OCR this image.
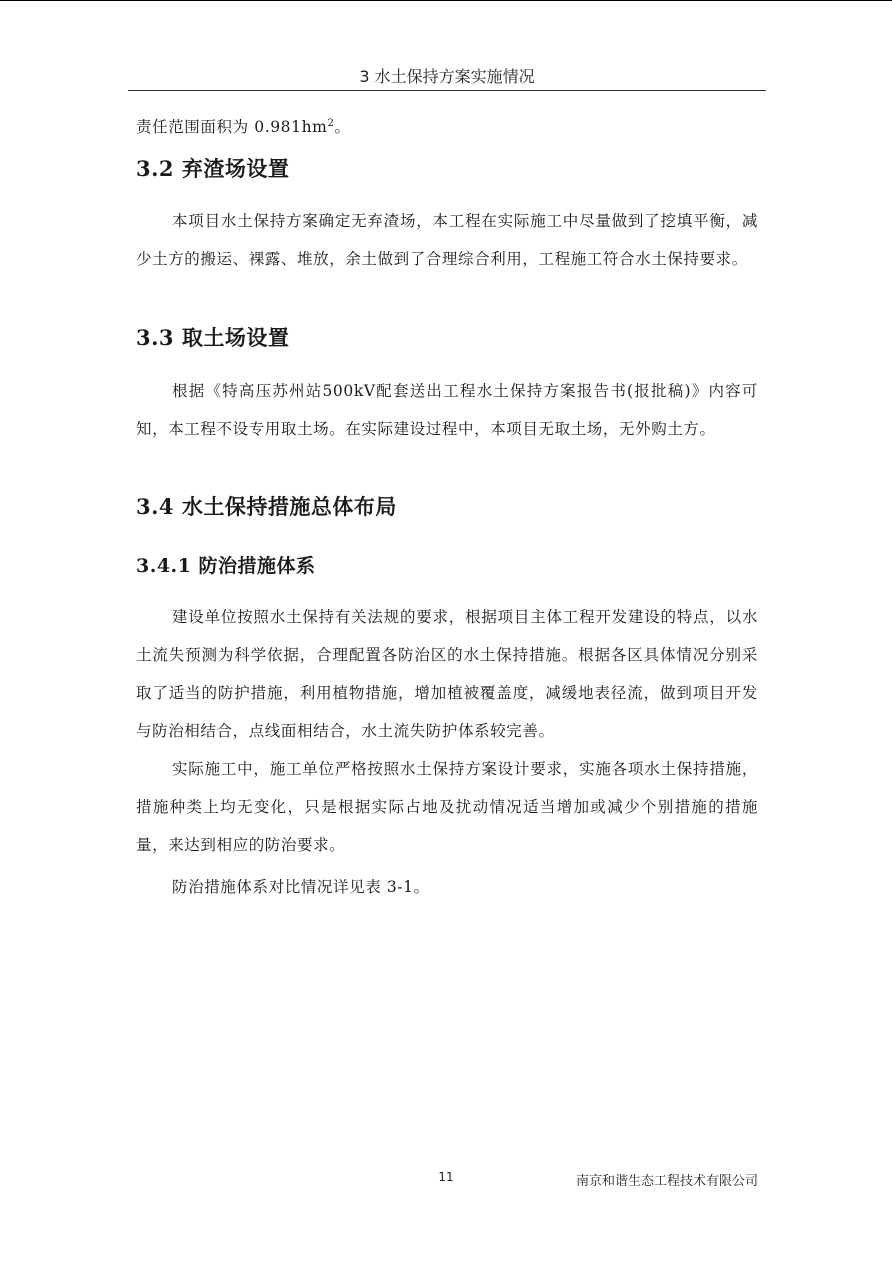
3 水土保持方案实施情况

责任范围面积为 $0.981hm^2$。

3.2 弃渣场设置

本项目水土保持方案确定无弃渣场，本工程在实际施工中尽量做到了挖填平衡，减少土方的搬运、裸露、堆放，余土做到了合理综合利用，工程施工符合水土保持要求。

3.3 取土场设置

根据《特高压苏州站500kV配套送出工程水土保持方案报告书(报批稿)》内容可知，本工程不设专用取土场。在实际建设过程中，本项目无取土场，无外购土方。

3.4 水土保持措施总体布局
3.4.1 防治措施体系

建设单位按照水土保持有关法规的要求，根据项目主体工程开发建设的特点，以水土流失预测为科学依据，合理配置各防治区的水土保持措施。根据各区具体情况分别采取了适当的防护措施，利用植物措施，增加植被覆盖度，减缓地表径流，做到项目开发与防治相结合，点线面相结合，水土流失防护体系较完善。

实际施工中，施工单位严格按照水土保持方案设计要求，实施各项水土保持措施，措施种类上均无变化，只是根据实际占地及扰动情况适当增加或减少个别措施的措施量，来达到相应的防治要求。

防治措施体系对比情况详见表 3-1。

11	南京和谐生态工程技术有限公司
